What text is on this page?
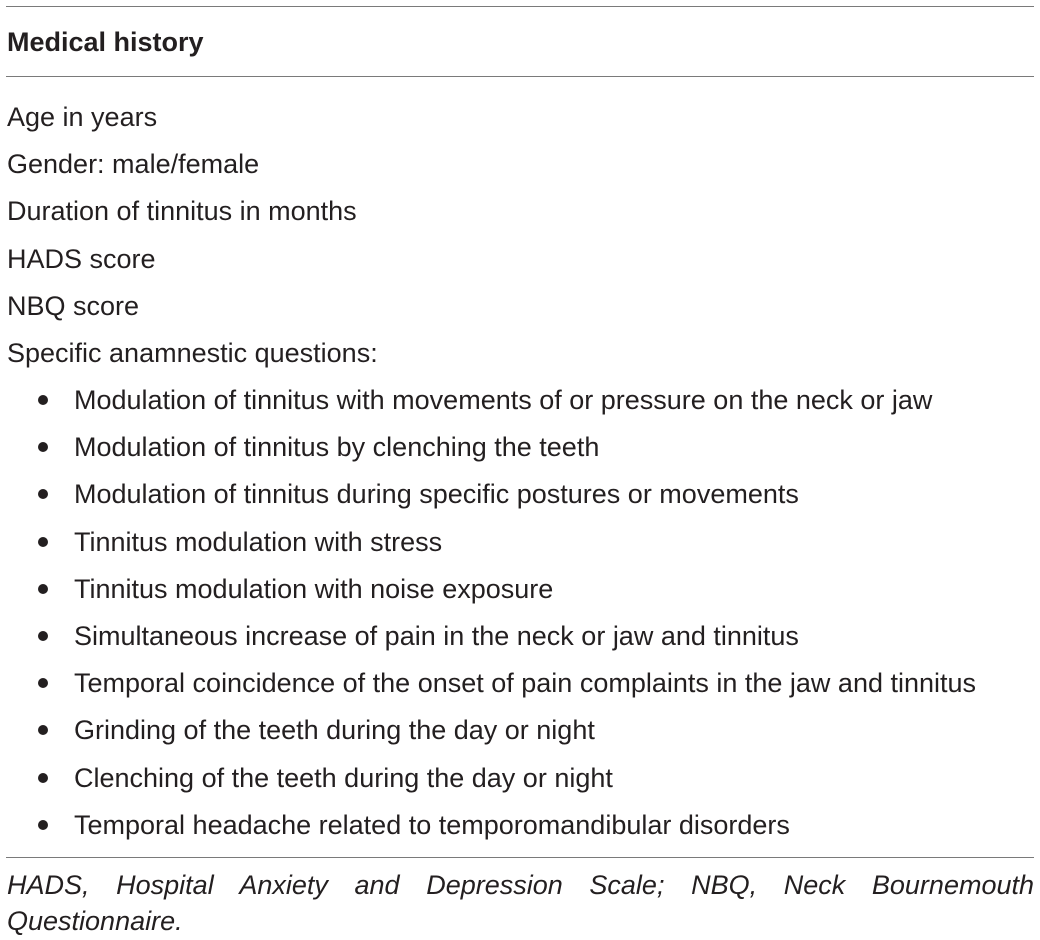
Medical history
Age in years
Gender: male/female
Duration of tinnitus in months
HADS score
NBQ score
Specific anamnestic questions:
Modulation of tinnitus with movements of or pressure on the neck or jaw
Modulation of tinnitus by clenching the teeth
Modulation of tinnitus during specific postures or movements
Tinnitus modulation with stress
Tinnitus modulation with noise exposure
Simultaneous increase of pain in the neck or jaw and tinnitus
Temporal coincidence of the onset of pain complaints in the jaw and tinnitus
Grinding of the teeth during the day or night
Clenching of the teeth during the day or night
Temporal headache related to temporomandibular disorders
HADS, Hospital Anxiety and Depression Scale; NBQ, Neck Bournemouth Questionnaire.
